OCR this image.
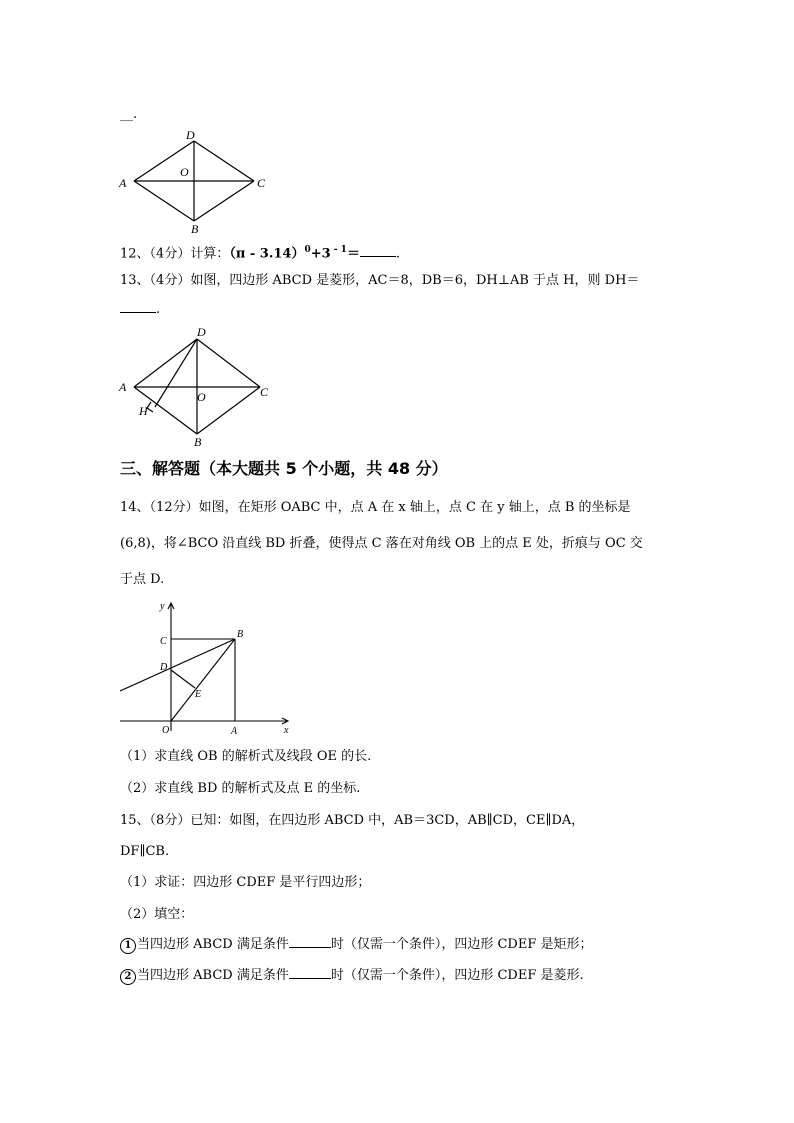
__.
D
O
A	C
B
12、（4分）计算：（π - 3.14）$^0$+3 $^{- 1}$＝	.
13、（4分）如图，四边形 ABCD 是菱形，AC＝8，DB＝6，DH⊥AB 于点 H，则 DH＝
.
D
A
O	C
H
B
三、解答题（本大题共 5 个小题，共 48 分）
14、（12分）如图，在矩形 OABC 中，点 A 在 x 轴上，点 C 在 y 轴上，点 B 的坐标是
(6,8)，将∠BCO 沿直线 BD 折叠，使得点 C 落在对角线 OB 上的点 E 处，折痕与 OC 交
于点 D.
y
C
B
D
E
O	A	x
（1）求直线 OB 的解析式及线段 OE 的长.
（2）求直线 BD 的解析式及点 E 的坐标.
15、（8分）已知：如图，在四边形 ABCD 中，AB＝3CD，AB∥CD，CE∥DA，
DF∥CB.
（1）求证：四边形 CDEF 是平行四边形；
（2）填空：
1 当四边形 ABCD 满足条件	时（仅需一个条件），四边形 CDEF 是矩形；
2 当四边形 ABCD 满足条件	时（仅需一个条件），四边形 CDEF 是菱形.
